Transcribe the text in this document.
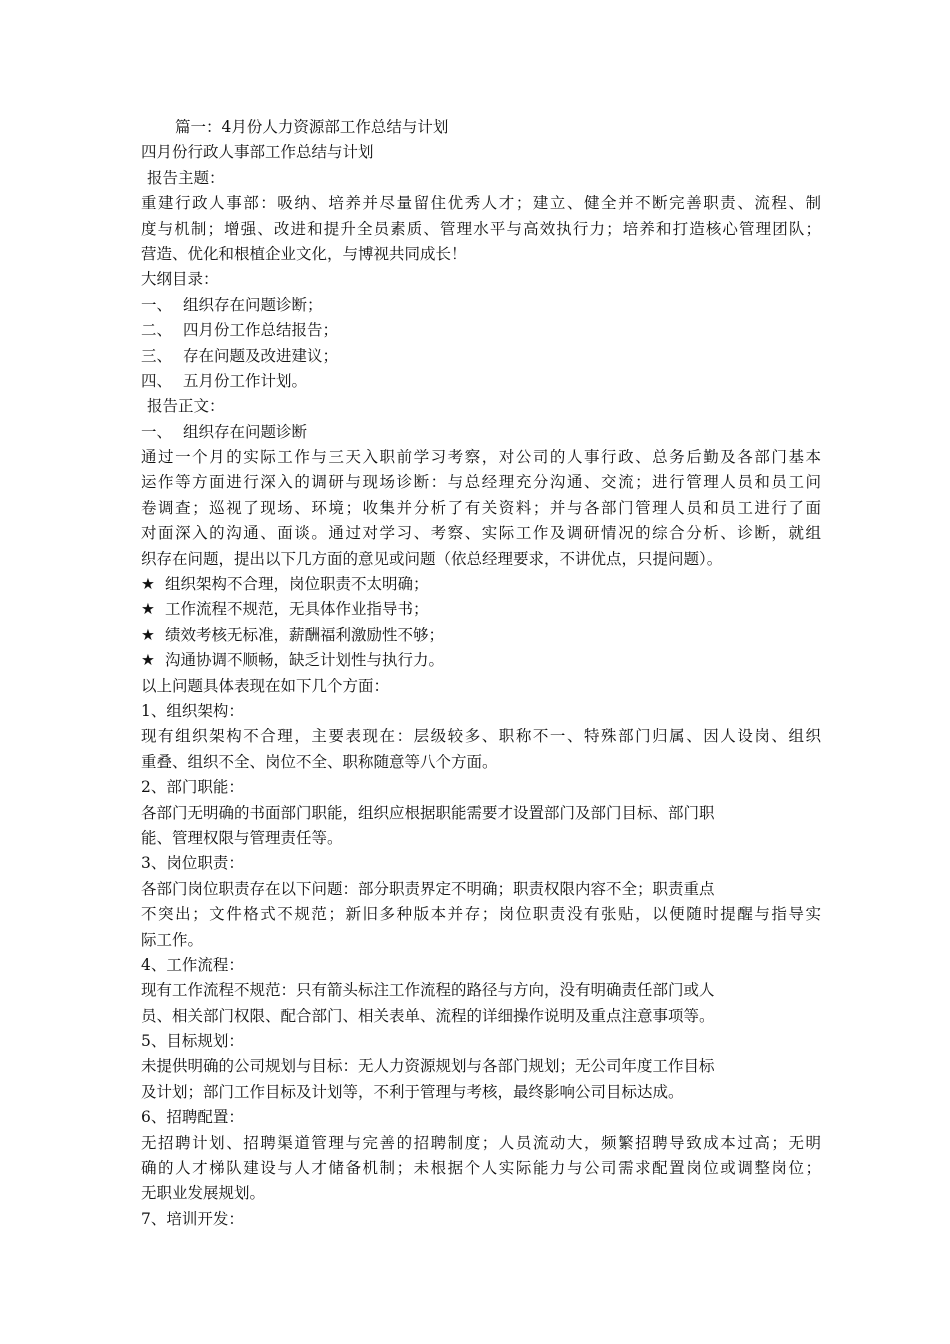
篇一：4月份人力资源部工作总结与计划
四月份行政人事部工作总结与计划
报告主题：
重建行政人事部：吸纳、培养并尽量留住优秀人才；建立、健全并不断完善职责、流程、制
度与机制；增强、改进和提升全员素质、管理水平与高效执行力；培养和打造核心管理团队；
营造、优化和根植企业文化，与博视共同成长！
大纲目录：
一、 组织存在问题诊断；
二、 四月份工作总结报告；
三、 存在问题及改进建议；
四、 五月份工作计划。
报告正文：
一、 组织存在问题诊断
通过一个月的实际工作与三天入职前学习考察，对公司的人事行政、总务后勤及各部门基本
运作等方面进行深入的调研与现场诊断：与总经理充分沟通、交流；进行管理人员和员工问
卷调查；巡视了现场、环境；收集并分析了有关资料；并与各部门管理人员和员工进行了面
对面深入的沟通、面谈。通过对学习、考察、实际工作及调研情况的综合分析、诊断，就组
织存在问题，提出以下几方面的意见或问题（依总经理要求，不讲优点，只提问题）。
★ 组织架构不合理，岗位职责不太明确；
★ 工作流程不规范，无具体作业指导书；
★ 绩效考核无标准，薪酬福利激励性不够；
★ 沟通协调不顺畅，缺乏计划性与执行力。
以上问题具体表现在如下几个方面：
1、组织架构：
现有组织架构不合理，主要表现在：层级较多、职称不一、特殊部门归属、因人设岗、组织
重叠、组织不全、岗位不全、职称随意等八个方面。
2、部门职能：
各部门无明确的书面部门职能，组织应根据职能需要才设置部门及部门目标、部门职
能、管理权限与管理责任等。
3、岗位职责：
各部门岗位职责存在以下问题：部分职责界定不明确；职责权限内容不全；职责重点
不突出；文件格式不规范；新旧多种版本并存；岗位职责没有张贴，以便随时提醒与指导实
际工作。
4、工作流程：
现有工作流程不规范：只有箭头标注工作流程的路径与方向，没有明确责任部门或人
员、相关部门权限、配合部门、相关表单、流程的详细操作说明及重点注意事项等。
5、目标规划：
未提供明确的公司规划与目标：无人力资源规划与各部门规划；无公司年度工作目标
及计划；部门工作目标及计划等，不利于管理与考核，最终影响公司目标达成。
6、招聘配置：
无招聘计划、招聘渠道管理与完善的招聘制度；人员流动大，频繁招聘导致成本过高；无明
确的人才梯队建设与人才储备机制；未根据个人实际能力与公司需求配置岗位或调整岗位；
无职业发展规划。
7、培训开发：
